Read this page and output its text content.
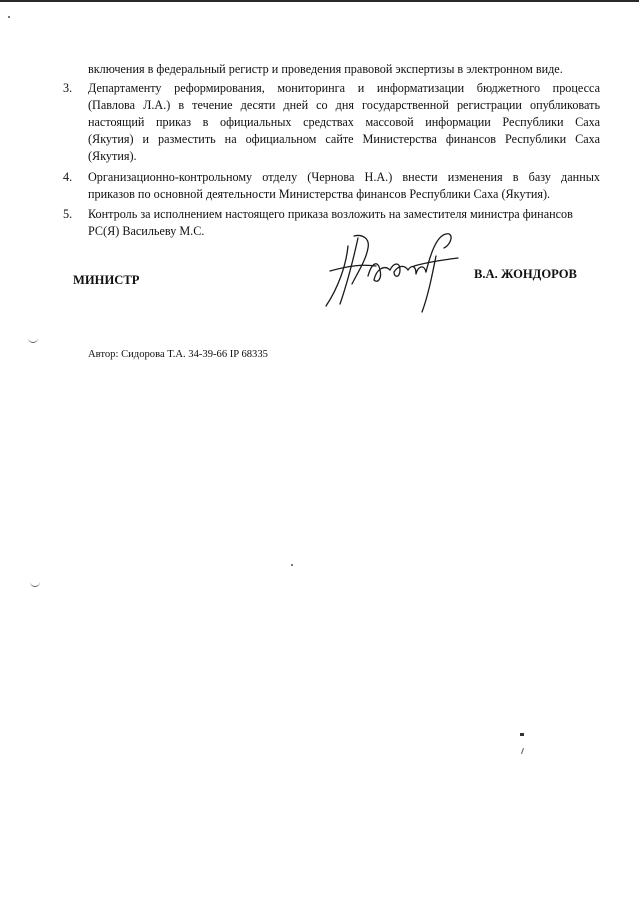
включения в федеральный регистр и проведения правовой экспертизы в электронном виде.
3. Департаменту реформирования, мониторинга и информатизации бюджетного процесса
(Павлова Л.А.) в течение десяти дней со дня государственной регистрации опубликовать
настоящий приказ в официальных средствах массовой информации Республики Саха
(Якутия) и разместить на официальном сайте Министерства финансов Республики Саха
(Якутия).
4. Организационно-контрольному отделу (Чернова Н.А.) внести изменения в базу данных
приказов по основной деятельности Министерства финансов Республики Саха (Якутия).
5. Контроль за исполнением настоящего приказа возложить на заместителя министра финансов
РС(Я) Васильеву М.С.
МИНИСТР	В.А. ЖОНДОРОВ
Автор: Сидорова Т.А. 34-39-66 IP 68335
